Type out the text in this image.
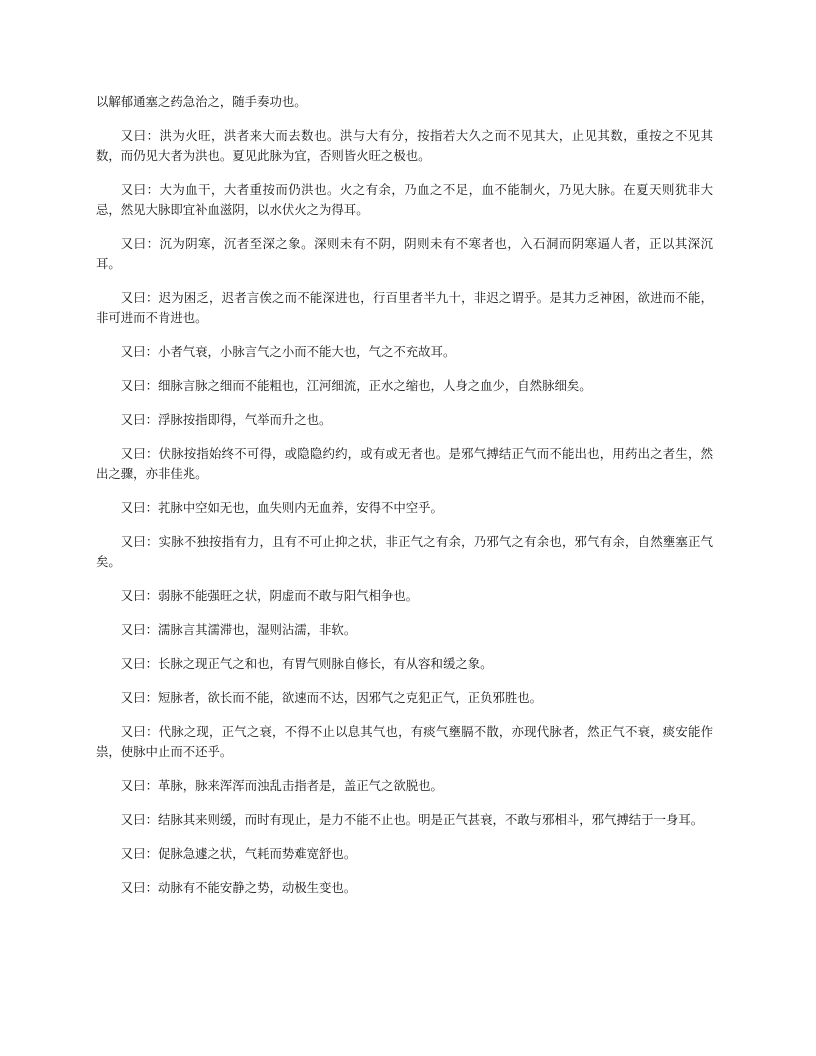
以解郁通塞之药急治之，随手奏功也。

又曰：洪为火旺，洪者来大而去数也。洪与大有分，按指若大久之而不见其大，止见其数，重按之不见其数，而仍见大者为洪也。夏见此脉为宜，否则皆火旺之极也。

又曰：大为血干，大者重按而仍洪也。火之有余，乃血之不足，血不能制火，乃见大脉。在夏天则犹非大忌，然见大脉即宜补血滋阴，以水伏火之为得耳。

又曰：沉为阴寒，沉者至深之象。深则未有不阴，阴则未有不寒者也，入石洞而阴寒逼人者，正以其深沉耳。

又曰：迟为困乏，迟者言俟之而不能深进也，行百里者半九十，非迟之谓乎。是其力乏神困，欲进而不能，非可进而不肯进也。

又曰：小者气衰，小脉言气之小而不能大也，气之不充故耳。

又曰：细脉言脉之细而不能粗也，江河细流，正水之缩也，人身之血少，自然脉细矣。

又曰：浮脉按指即得，气举而升之也。

又曰：伏脉按指始终不可得，或隐隐约约，或有或无者也。是邪气搏结正气而不能出也，用药出之者生，然出之骤，亦非佳兆。

又曰：芤脉中空如无也，血失则内无血养，安得不中空乎。

又曰：实脉不独按指有力，且有不可止抑之状，非正气之有余，乃邪气之有余也，邪气有余，自然壅塞正气矣。

又曰：弱脉不能强旺之状，阴虚而不敢与阳气相争也。

又曰：濡脉言其濡滞也，湿则沾濡，非软。

又曰：长脉之现正气之和也，有胃气则脉自修长，有从容和缓之象。

又曰：短脉者，欲长而不能，欲速而不达，因邪气之克犯正气，正负邪胜也。

又曰：代脉之现，正气之衰，不得不止以息其气也，有痰气壅膈不散，亦现代脉者，然正气不衰，痰安能作祟，使脉中止而不还乎。

又曰：革脉，脉来浑浑而浊乱击指者是，盖正气之欲脱也。

又曰：结脉其来则缓，而时有现止，是力不能不止也。明是正气甚衰，不敢与邪相斗，邪气搏结于一身耳。

又曰：促脉急遽之状，气耗而势难宽舒也。

又曰：动脉有不能安静之势，动极生变也。
